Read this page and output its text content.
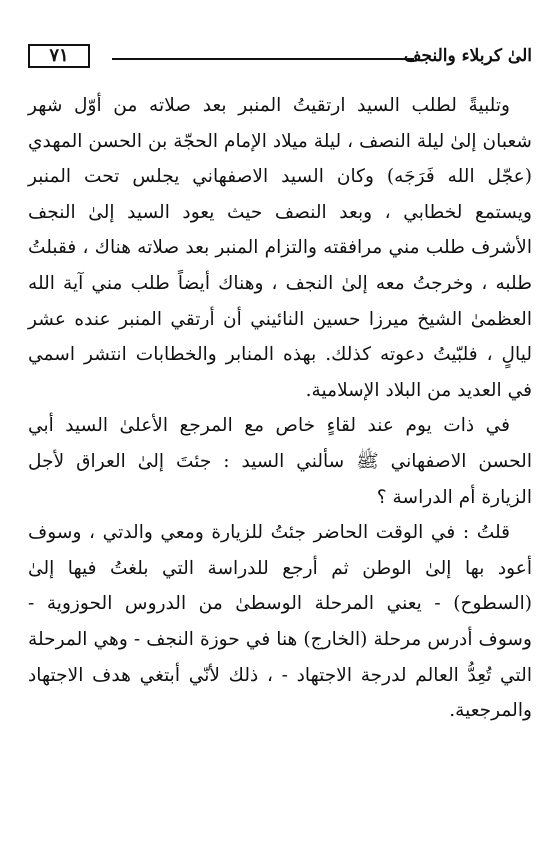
٧١	الىٰ كربلاء والنجف

وتلبيةً لطلب السيد ارتقيتُ المنبر بعد صلاته من أوّل شهر شعبان إلىٰ ليلة النصف ، ليلة ميلاد الإمام الحجّة بن الحسن المهدي (عجّل الله فَرَجَه) وكان السيد الاصفهاني يجلس تحت المنبر ويستمع لخطابي ، وبعد النصف حيث يعود السيد إلىٰ النجف الأشرف طلب مني مرافقته والتزام المنبر بعد صلاته هناك ، فقبلتُ طلبه ، وخرجتُ معه إلىٰ النجف ، وهناك أيضاً طلب مني آية الله العظمىٰ الشيخ ميرزا حسين النائيني أن أرتقي المنبر عنده عشر ليالٍ ، فلبّيتُ دعوته كذلك. بهذه المنابر والخطابات انتشر اسمي في العديد من البلاد الإسلامية.

في ذات يوم عند لقاءٍ خاص مع المرجع الأعلىٰ السيد أبي الحسن الاصفهاني ﷺ سألني السيد : جئتَ إلىٰ العراق لأجل الزيارة أم الدراسة ؟

قلتُ : في الوقت الحاضر جئتُ للزيارة ومعي والدتي ، وسوف أعود بها إلىٰ الوطن ثم أرجع للدراسة التي بلغتُ فيها إلىٰ (السطوح) - يعني المرحلة الوسطىٰ من الدروس الحوزوية - وسوف أدرس مرحلة (الخارج) هنا في حوزة النجف - وهي المرحلة التي تُعِدُّ العالم لدرجة الاجتهاد - ، ذلك لأنّي أبتغي هدف الاجتهاد والمرجعية.
